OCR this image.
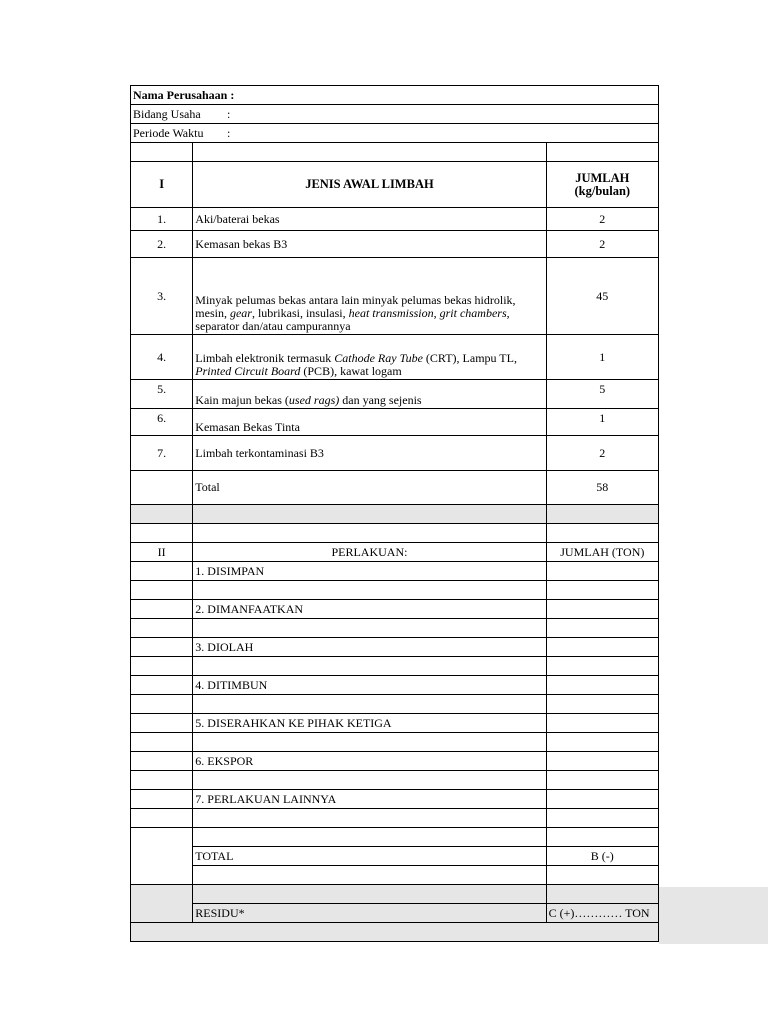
Nama Perusahaan :		
Bidang Usaha :		
Periode Waktu :		

I	JENIS AWAL LIMBAH	JUMLAH
(kg/bulan)

1.	Aki/baterai bekas	2
2.	Kemasan bekas B3	2
3.	Minyak pelumas bekas antara lain minyak pelumas bekas hidrolik, mesin, gear, lubrikasi, insulasi, heat transmission, grit chambers, separator dan/atau campurannya	45
4.	Limbah elektronik termasuk Cathode Ray Tube (CRT), Lampu TL, Printed Circuit Board (PCB), kawat logam	1
5.	Kain majun bekas (used rags) dan yang sejenis	5
6.	Kemasan Bekas Tinta	1
7.	Limbah terkontaminasi B3	2
	Total	58

II	PERLAKUAN:	JUMLAH (TON)
	1. DISIMPAN	

	2. DIMANFAATKAN	

	3. DIOLAH	

	4. DITIMBUN	

	5. DISERAHKAN KE PIHAK KETIGA	

	6. EKSPOR	

	7. PERLAKUAN LAINNYA	

	TOTAL	B (-)

	RESIDU*	C (+)………… TON
